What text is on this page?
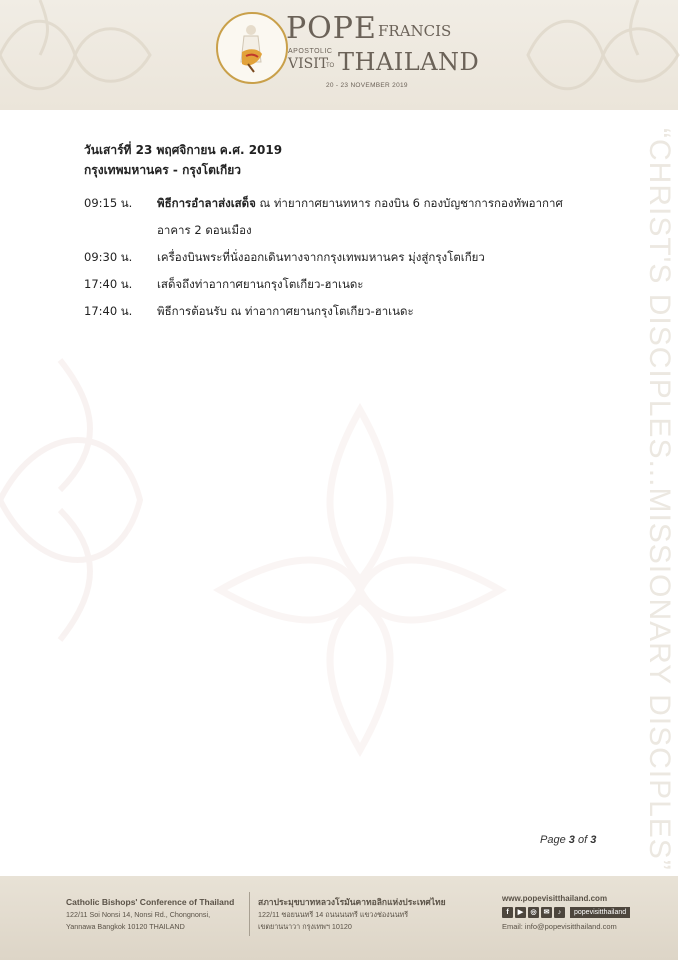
POPE FRANCIS
APOSTOLIC
VISIT
TO THAILAND
20 - 23 NOVEMBER 2019
“CHRIST'S DISCIPLES...MISSIONARY DISCIPLES”
วันเสาร์ที่ 23 พฤศจิกายน ค.ศ. 2019
กรุงเทพมหานคร - กรุงโตเกียว
09:15 น.	พิธีการอำลาส่งเสด็จ ณ ท่ายากาศยานทหาร กองบิน 6 กองบัญชาการกองทัพอากาศ
อาคาร 2 ดอนเมือง
09:30 น.	เครื่องบินพระที่นั่งออกเดินทางจากกรุงเทพมหานคร มุ่งสู่กรุงโตเกียว
17:40 น.	เสด็จถึงท่าอากาศยานกรุงโตเกียว-ฮาเนดะ
17:40 น.	พิธีการต้อนรับ ณ ท่าอากาศยานกรุงโตเกียว-ฮาเนดะ
Page 3 of 3
Catholic Bishops' Conference of Thailand
122/11 Soi Nonsi 14, Nonsi Rd., Chongnonsi,
Yannawa Bangkok 10120 THAILAND
สภาประมุขบาทหลวงโรมันคาทอลิกแห่งประเทศไทย
122/11 ซอยนนทรี 14 ถนนนนทรี แขวงช่องนนทรี
เขตยานนาวา กรุงเทพฯ 10120
www.popevisitthailand.com
f	▶	◎	✉	♪	popevisitthailand
Email: info@popevisitthailand.com
